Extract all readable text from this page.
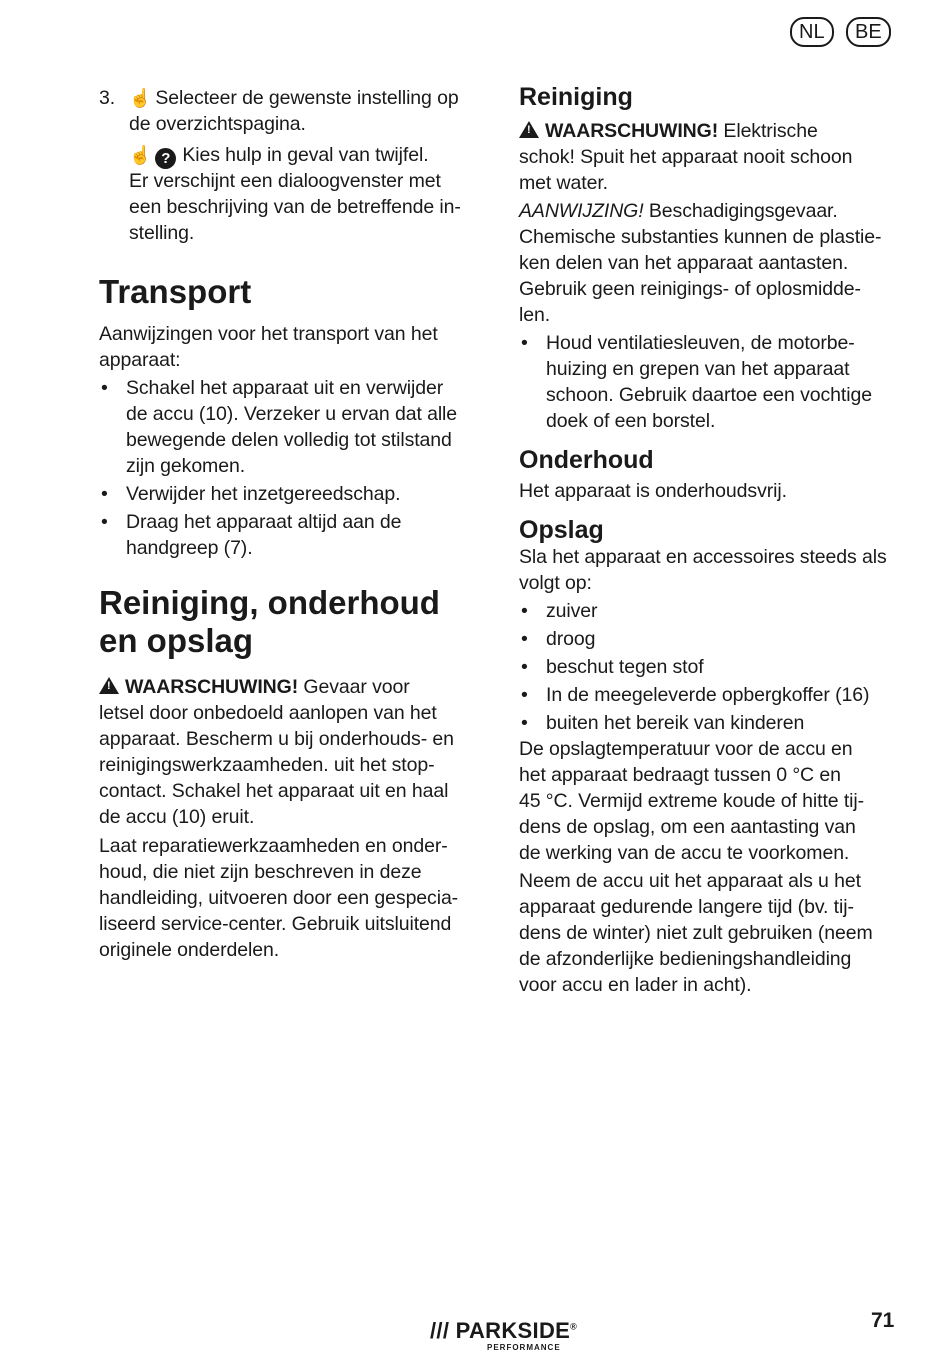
NL	BE
3. ☝ Selecteer de gewenste instelling op
de overzichtspagina.
☝ ? Kies hulp in geval van twijfel.
Er verschijnt een dialoogvenster met
een beschrijving van de betreffende in-
stelling.
Transport
Aanwijzingen voor het transport van het
apparaat:
• Schakel het apparaat uit en verwijder
de accu (10). Verzeker u ervan dat alle
bewegende delen volledig tot stilstand
zijn gekomen.
• Verwijder het inzetgereedschap.
• Draag het apparaat altijd aan de
handgreep (7).
Reiniging, onderhoud
en opslag
!WAARSCHUWING! Gevaar voor
letsel door onbedoeld aanlopen van het
apparaat. Bescherm u bij onderhouds- en
reinigingswerkzaamheden. uit het stop-
contact. Schakel het apparaat uit en haal
de accu (10) eruit.
Laat reparatiewerkzaamheden en onder-
houd, die niet zijn beschreven in deze
handleiding, uitvoeren door een gespecia-
liseerd service-center. Gebruik uitsluitend
originele onderdelen.
Reiniging
!WAARSCHUWING! Elektrische
schok! Spuit het apparaat nooit schoon
met water.
AANWIJZING! Beschadigingsgevaar.
Chemische substanties kunnen de plastie-
ken delen van het apparaat aantasten.
Gebruik geen reinigings- of oplosmidde-
len.
• Houd ventilatiesleuven, de motorbe-
huizing en grepen van het apparaat
schoon. Gebruik daartoe een vochtige
doek of een borstel.
Onderhoud
Het apparaat is onderhoudsvrij.
Opslag
Sla het apparaat en accessoires steeds als
volgt op:
• zuiver
• droog
• beschut tegen stof
• In de meegeleverde opbergkoffer (16)
• buiten het bereik van kinderen
De opslagtemperatuur voor de accu en
het apparaat bedraagt tussen 0 °C en
45 °C. Vermijd extreme koude of hitte tij-
dens de opslag, om een aantasting van
de werking van de accu te voorkomen.
Neem de accu uit het apparaat als u het
apparaat gedurende langere tijd (bv. tij-
dens de winter) niet zult gebruiken (neem
de afzonderlijke bedieningshandleiding
voor accu en lader in acht).
/// PARKSIDE®
PERFORMANCE
71
